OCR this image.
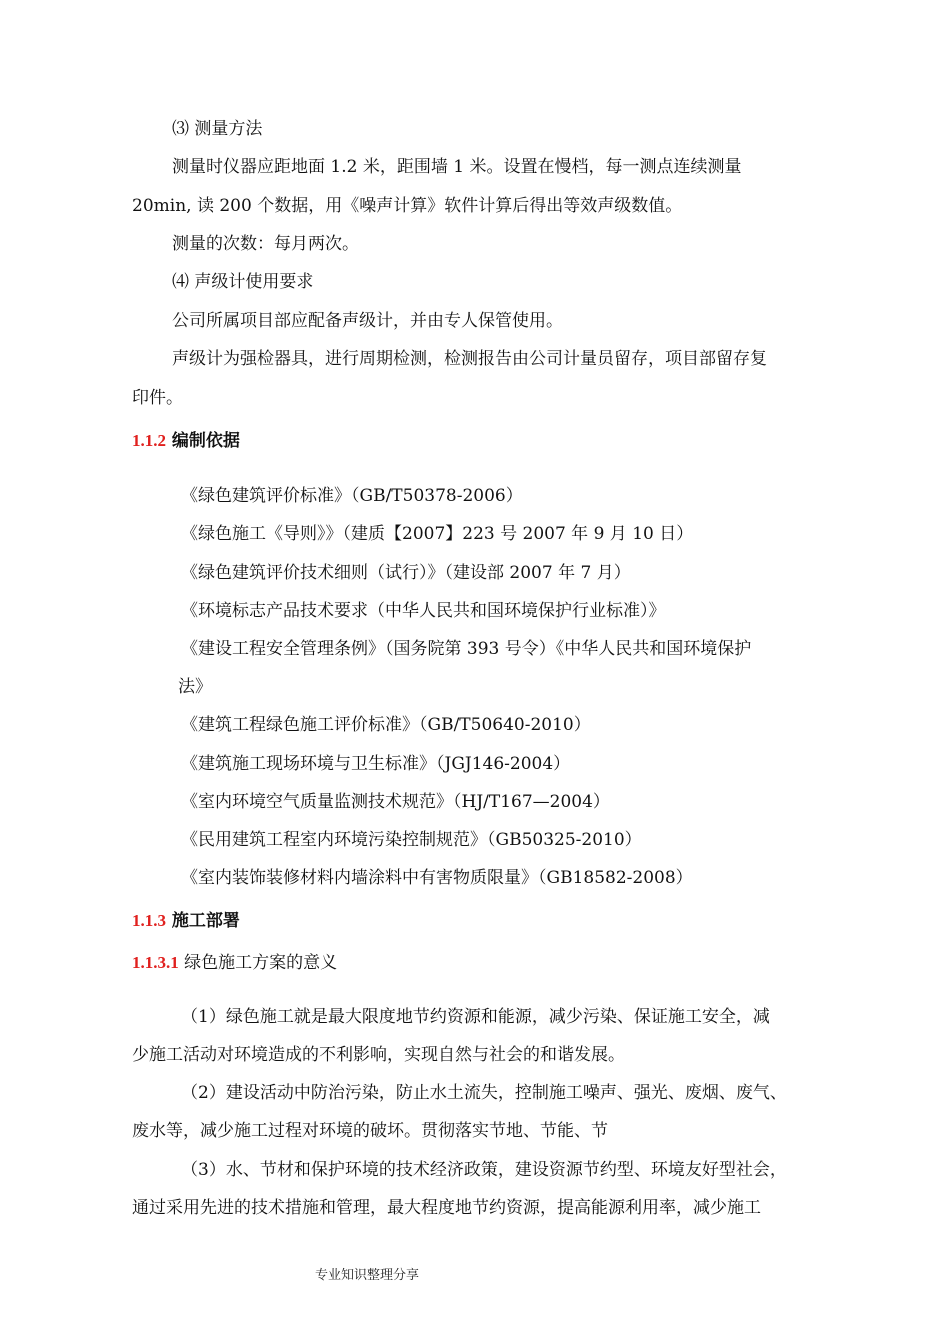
⑶ 测量方法
测量时仪器应距地面 1.2 米，距围墙 1 米。设置在慢档，每一测点连续测量
20min, 读 200 个数据，用《噪声计算》软件计算后得出等效声级数值。
测量的次数：每月两次。
⑷ 声级计使用要求
公司所属项目部应配备声级计，并由专人保管使用。
声级计为强检器具，进行周期检测，检测报告由公司计量员留存，项目部留存复
印件。
1.1.2 编制依据
《绿色建筑评价标准》（GB/T50378-2006）
《绿色施工《导则》》（建质【2007】223 号 2007 年 9 月 10 日）
《绿色建筑评价技术细则（试行）》（建设部 2007 年 7 月）
《环境标志产品技术要求（中华人民共和国环境保护行业标准）》
《建设工程安全管理条例》（国务院第 393 号令）《中华人民共和国环境保护
法》
《建筑工程绿色施工评价标准》（GB/T50640-2010）
《建筑施工现场环境与卫生标准》（JGJ146-2004）
《室内环境空气质量监测技术规范》（HJ/T167—2004）
《民用建筑工程室内环境污染控制规范》（GB50325-2010）
《室内装饰装修材料内墙涂料中有害物质限量》（GB18582-2008）
1.1.3 施工部署
1.1.3.1 绿色施工方案的意义
（1）绿色施工就是最大限度地节约资源和能源，减少污染、保证施工安全，减
少施工活动对环境造成的不利影响，实现自然与社会的和谐发展。
（2）建设活动中防治污染，防止水土流失，控制施工噪声、强光、废烟、废气、
废水等，减少施工过程对环境的破坏。贯彻落实节地、节能、节
（3）水、节材和保护环境的技术经济政策，建设资源节约型、环境友好型社会，
通过采用先进的技术措施和管理，最大程度地节约资源，提高能源利用率，减少施工
专业知识整理分享
